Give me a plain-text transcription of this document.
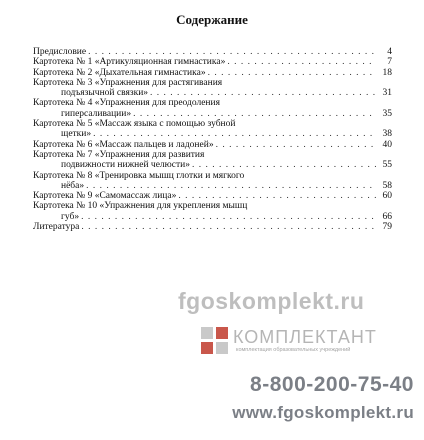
Содержание
Предисловие . . .	4
Картотека № 1 «Артикуляционная гимнастика» . . .	7
Картотека № 2 «Дыхательная гимнастика» . . .	18
Картотека № 3 «Упражнения для растягивания
подъязычной связки» . . .	31
Картотека № 4 «Упражнения для преодоления
гиперсаливации» . . .	35
Картотека № 5 «Массаж языка с помощью зубной
щетки» . . .	38
Картотека № 6 «Массаж пальцев и ладоней» . . .	40
Картотека № 7 «Упражнения для развития
подвижности нижней челюсти» . . .	55
Картотека № 8 «Тренировка мышц глотки и мягкого
нёба» . . .	58
Картотека № 9 «Самомассаж лица» . . .	60
Картотека № 10 «Упражнения для укрепления мышц
губ» . . .	66
Литература . . .	79
fgoskomplekt.ru
КОМПЛЕКТАНТ
комплектация образовательных учреждений
8-800-200-75-40
www.fgoskomplekt.ru
